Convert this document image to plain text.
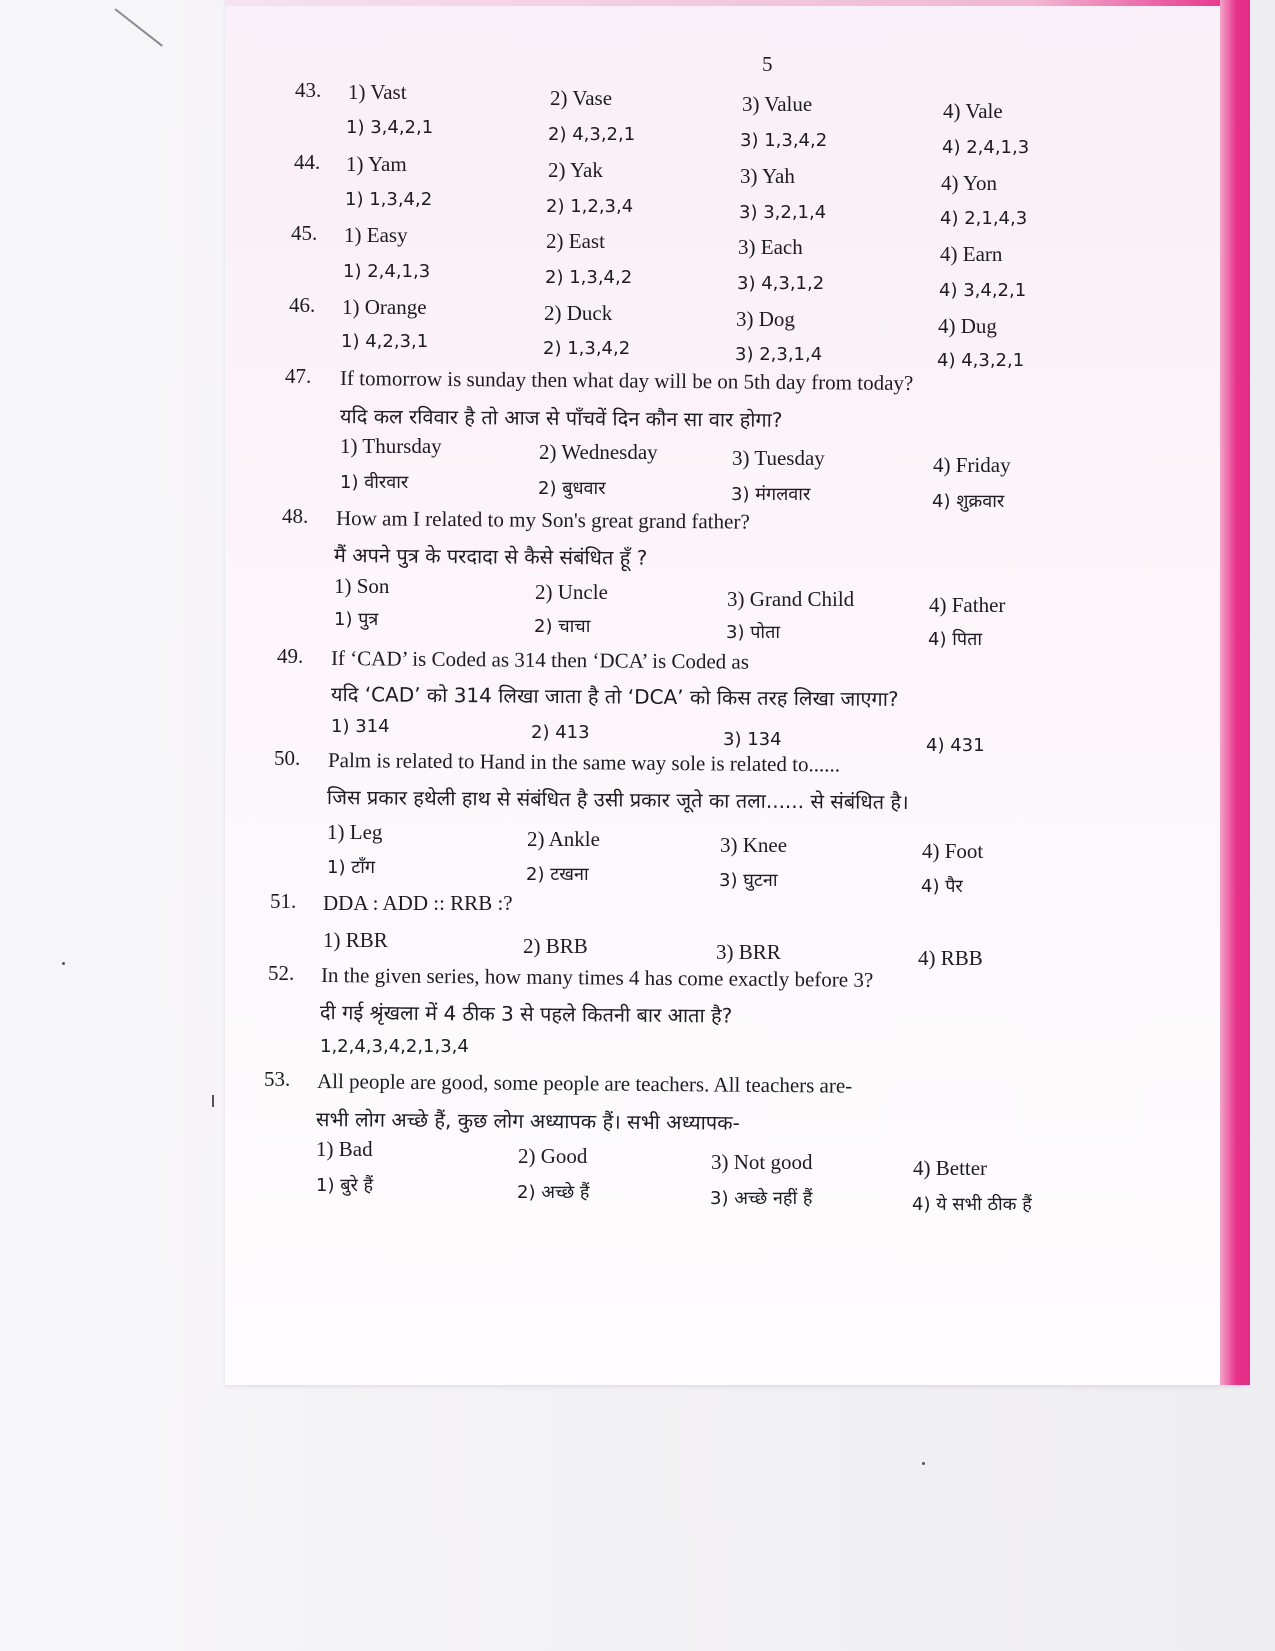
5
43. 1) Vast	2) Vase	3) Value	4) Vale
1) 3,4,2,1	2) 4,3,2,1	3) 1,3,4,2	4) 2,4,1,3
44. 1) Yam	2) Yak	3) Yah	4) Yon
1) 1,3,4,2	2) 1,2,3,4	3) 3,2,1,4	4) 2,1,4,3
45. 1) Easy	2) East	3) Each	4) Earn
1) 2,4,1,3	2) 1,3,4,2	3) 4,3,1,2	4) 3,4,2,1
46. 1) Orange	2) Duck	3) Dog	4) Dug
1) 4,2,3,1	2) 1,3,4,2	3) 2,3,1,4	4) 4,3,2,1
47. If tomorrow is sunday then what day will be on 5th day from today?
यदि कल रविवार है तो आज से पाँचवें दिन कौन सा वार होगा?
1) Thursday	2) Wednesday	3) Tuesday	4) Friday
1) वीरवार	2) बुधवार	3) मंगलवार	4) शुक्रवार
48. How am I related to my Son's great grand father?
मैं अपने पुत्र के परदादा से कैसे संबंधित हूँ ?
1) Son	2) Uncle	3) Grand Child	4) Father
1) पुत्र	2) चाचा	3) पोता	4) पिता
49. If ‘CAD’ is Coded as 314 then ‘DCA’ is Coded as
यदि ‘CAD’ को 314 लिखा जाता है तो ‘DCA’ को किस तरह लिखा जाएगा?
1) 314	2) 413	3) 134	4) 431
50. Palm is related to Hand in the same way sole is related to......
जिस प्रकार हथेली हाथ से संबंधित है उसी प्रकार जूते का तला...... से संबंधित है।
1) Leg	2) Ankle	3) Knee	4) Foot
1) टाँग	2) टखना	3) घुटना	4) पैर
51. DDA : ADD :: RRB :?
1) RBR	2) BRB	3) BRR	4) RBB
52. In the given series, how many times 4 has come exactly before 3?
दी गई श्रृंखला में 4 ठीक 3 से पहले कितनी बार आता है?
1,2,4,3,4,2,1,3,4
53. All people are good, some people are teachers. All teachers are-
सभी लोग अच्छे हैं, कुछ लोग अध्यापक हैं। सभी अध्यापक-
1) Bad	2) Good	3) Not good	4) Better
1) बुरे हैं	2) अच्छे हैं	3) अच्छे नहीं हैं	4) ये सभी ठीक हैं
